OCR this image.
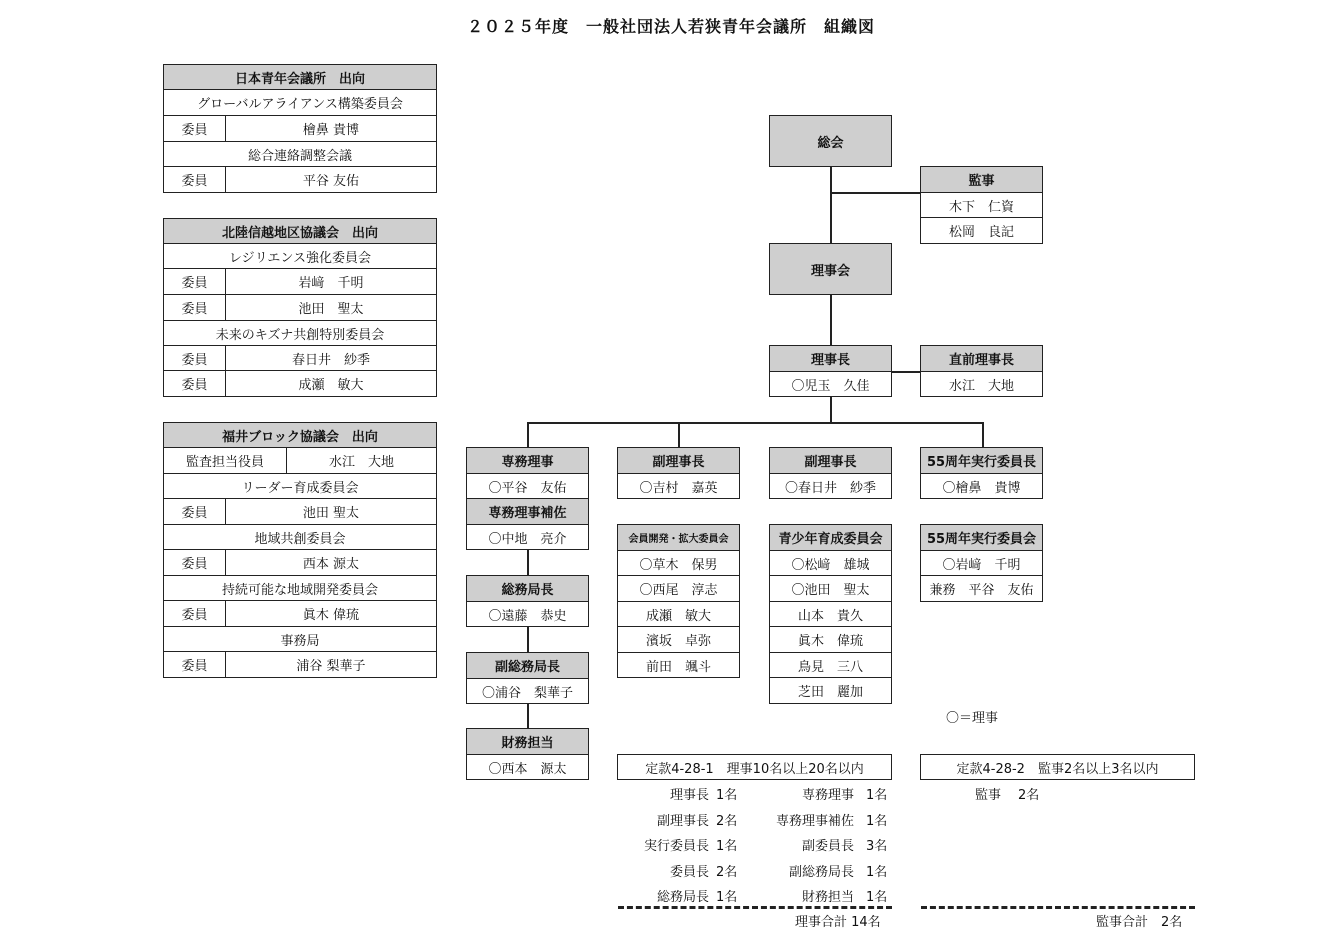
２０２５年度　一般社団法人若狭青年会議所　組織図
日本青年会議所　出向
グローバルアライアンス構築委員会
委員	檜鼻 貴博
総合連絡調整会議
委員	平谷 友佑
北陸信越地区協議会　出向
レジリエンス強化委員会
委員	岩﨑　千明
委員	池田　聖太
未来のキズナ共創特別委員会
委員	春日井　紗季
委員	成瀬　敏大
福井ブロック協議会　出向
監査担当役員	水江　大地
リーダー育成委員会
委員	池田 聖太
地域共創委員会
委員	西本 源太
持続可能な地域開発委員会
委員	眞木 偉琉
事務局
委員	浦谷 梨華子
総会
監事
木下　仁資
松岡　良記
理事会
理事長
〇児玉　久佳
直前理事長
水江　大地
専務理事
〇平谷　友佑
専務理事補佐
〇中地　亮介
総務局長
〇遠藤　恭史
副総務局長
〇浦谷　梨華子
財務担当
〇西本　源太
副理事長
〇吉村　嘉英
会員開発・拡大委員会
〇草木　保男
〇西尾　淳志
成瀬　敏大
濱坂　卓弥
前田　颯斗
副理事長
〇春日井　紗季
青少年育成委員会
〇松﨑　雄城
〇池田　聖太
山本　貴久
眞木　偉琉
鳥見　三八
芝田　麗加
55周年実行委員長
〇檜鼻　貴博
55周年実行委員会
〇岩﨑　千明
兼務　平谷　友佑
〇＝理事
定款4-28-1　理事10名以上20名以内
理事長 1名	専務理事 1名
副理事長 2名	専務理事補佐 1名
実行委員長 1名	副委員長 3名
委員長 2名	副総務局長 1名
総務局長 1名	財務担当 1名
理事合計 14名
定款4-28-2　監事2名以上3名以内
監事 2名
監事合計　2名
